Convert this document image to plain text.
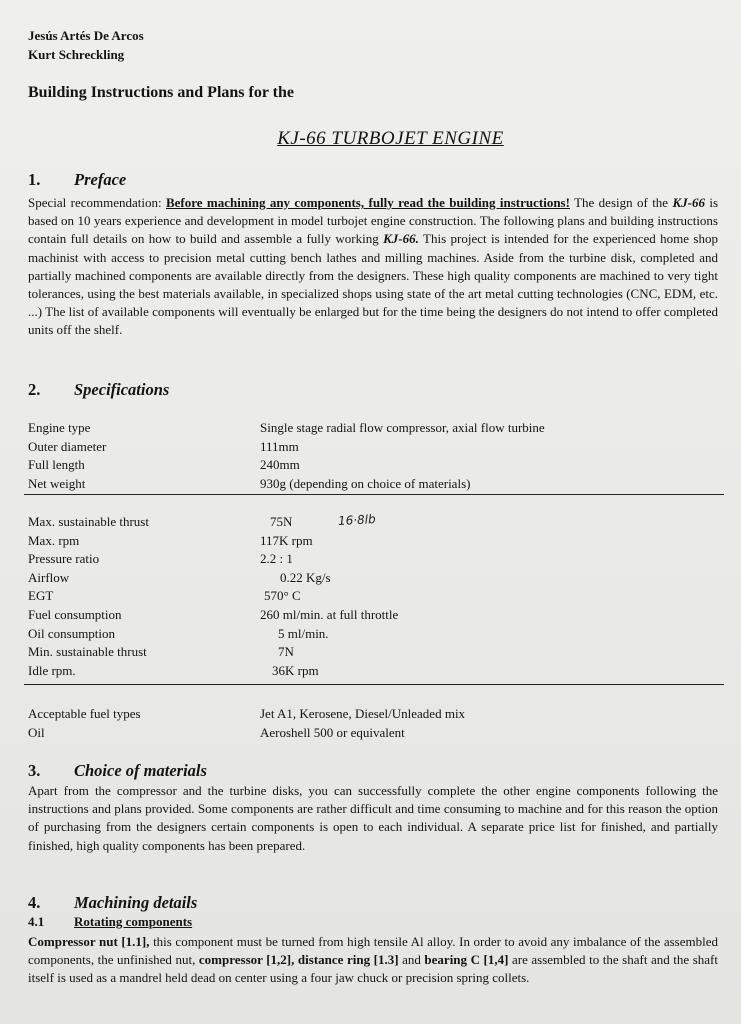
Jesús Artés De Arcos
Kurt Schreckling
Building Instructions and Plans for the
KJ-66 TURBOJET ENGINE
1. Preface
Special recommendation: Before machining any components, fully read the building instructions! The design of the KJ-66 is based on 10 years experience and development in model turbojet engine construction. The following plans and building instructions contain full details on how to build and assemble a fully working KJ-66. This project is intended for the experienced home shop machinist with access to precision metal cutting bench lathes and milling machines. Aside from the turbine disk, completed and partially machined components are available directly from the designers. These high quality components are machined to very tight tolerances, using the best materials available, in specialized shops using state of the art metal cutting technologies (CNC, EDM, etc. ...) The list of available components will eventually be enlarged but for the time being the designers do not intend to offer completed units off the shelf.
2. Specifications
Engine type	Single stage radial flow compressor, axial flow turbine
Outer diameter	111mm
Full length	240mm
Net weight	930g (depending on choice of materials)
Max. sustainable thrust	75N
Max. rpm	117K rpm
Pressure ratio	2.2 : 1
Airflow	0.22 Kg/s
EGT	570° C
Fuel consumption	260 ml/min. at full throttle
Oil consumption	5 ml/min.
Min. sustainable thrust	7N
Idle rpm.	36K rpm
16·8lb
Acceptable fuel types	Jet A1, Kerosene, Diesel/Unleaded mix
Oil	Aeroshell 500 or equivalent
3. Choice of materials
Apart from the compressor and the turbine disks, you can successfully complete the other engine components following the instructions and plans provided. Some components are rather difficult and time consuming to machine and for this reason the option of purchasing from the designers certain components is open to each individual. A separate price list for finished, and partially finished, high quality components has been prepared.
4. Machining details
4.1 Rotating components
Compressor nut [1.1], this component must be turned from high tensile Al alloy. In order to avoid any imbalance of the assembled components, the unfinished nut, compressor [1,2], distance ring [1.3] and bearing C [1,4] are assembled to the shaft and the shaft itself is used as a mandrel held dead on center using a four jaw chuck or precision spring collets.
